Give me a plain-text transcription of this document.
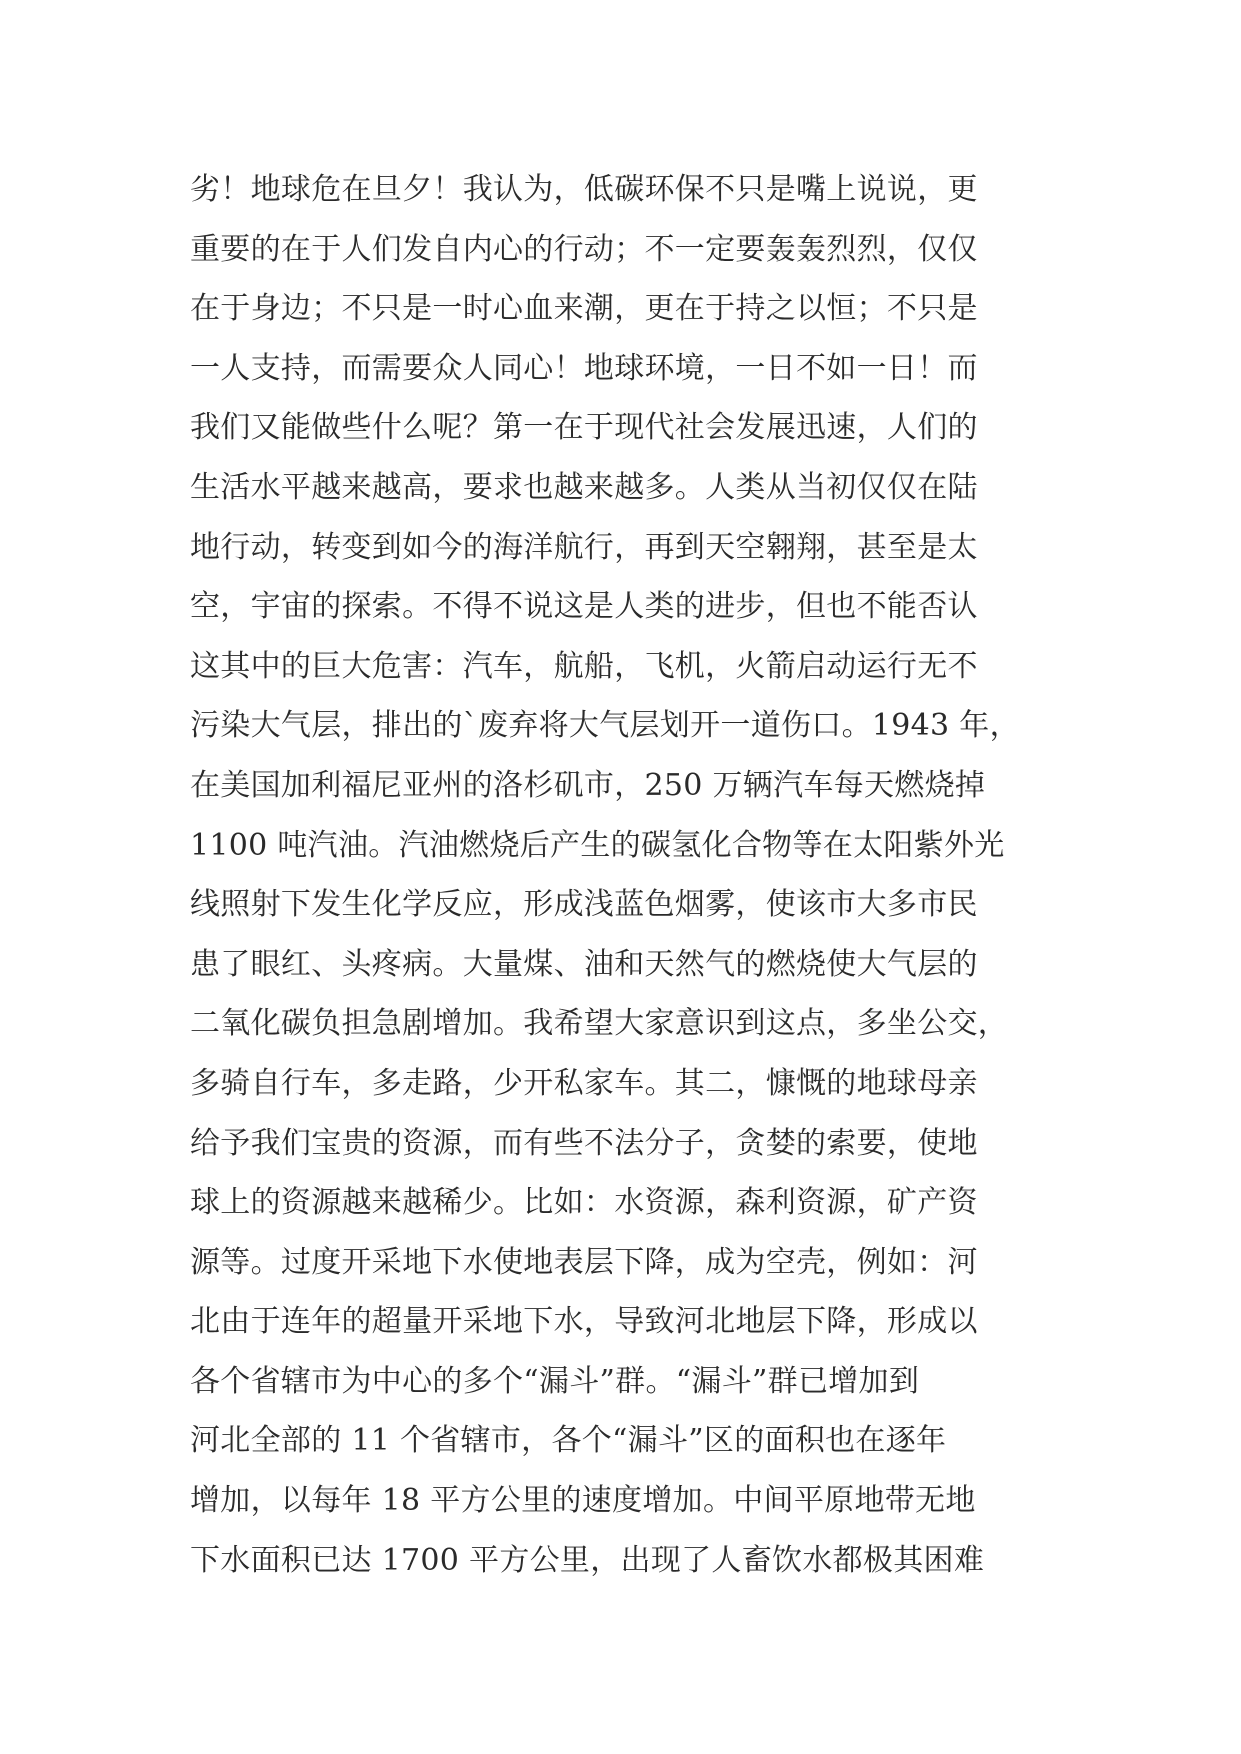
劣！地球危在旦夕！我认为，低碳环保不只是嘴上说说，更
重要的在于人们发自内心的行动；不一定要轰轰烈烈，仅仅
在于身边；不只是一时心血来潮，更在于持之以恒；不只是
一人支持，而需要众人同心！地球环境，一日不如一日！而
我们又能做些什么呢？第一在于现代社会发展迅速，人们的
生活水平越来越高，要求也越来越多。人类从当初仅仅在陆
地行动，转变到如今的海洋航行，再到天空翱翔，甚至是太
空，宇宙的探索。不得不说这是人类的进步，但也不能否认
这其中的巨大危害：汽车，航船，飞机，火箭启动运行无不
污染大气层，排出的`废弃将大气层划开一道伤口。1943 年，
在美国加利福尼亚州的洛杉矶市，250 万辆汽车每天燃烧掉
1100 吨汽油。汽油燃烧后产生的碳氢化合物等在太阳紫外光
线照射下发生化学反应，形成浅蓝色烟雾，使该市大多市民
患了眼红、头疼病。大量煤、油和天然气的燃烧使大气层的
二氧化碳负担急剧增加。我希望大家意识到这点，多坐公交，
多骑自行车，多走路，少开私家车。其二，慷慨的地球母亲
给予我们宝贵的资源，而有些不法分子，贪婪的索要，使地
球上的资源越来越稀少。比如：水资源，森利资源，矿产资
源等。过度开采地下水使地表层下降，成为空壳，例如：河
北由于连年的超量开采地下水，导致河北地层下降，形成以
各个省辖市为中心的多个“漏斗”群。“漏斗”群已增加到
河北全部的 11 个省辖市，各个“漏斗”区的面积也在逐年
增加，以每年 18 平方公里的速度增加。中间平原地带无地
下水面积已达 1700 平方公里，出现了人畜饮水都极其困难
